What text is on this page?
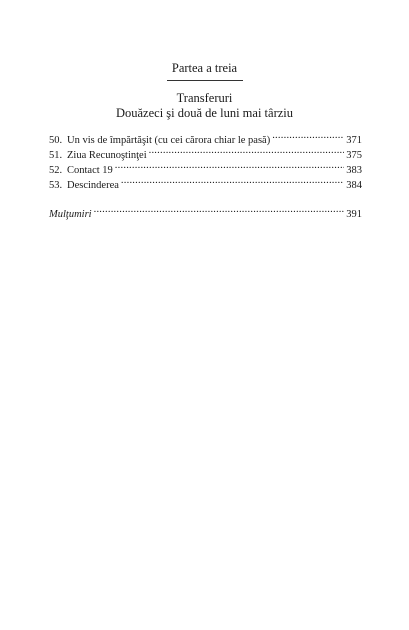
Partea a treia
Transferuri
Douăzeci şi două de luni mai târziu
50. Un vis de împărtăşit (cu cei cărora chiar le pasă) . . .	371
51. Ziua Recunoştinţei . . .	375
52. Contact 19 . . .	383
53. Descinderea . . .	384
Mulţumiri . . .	391
